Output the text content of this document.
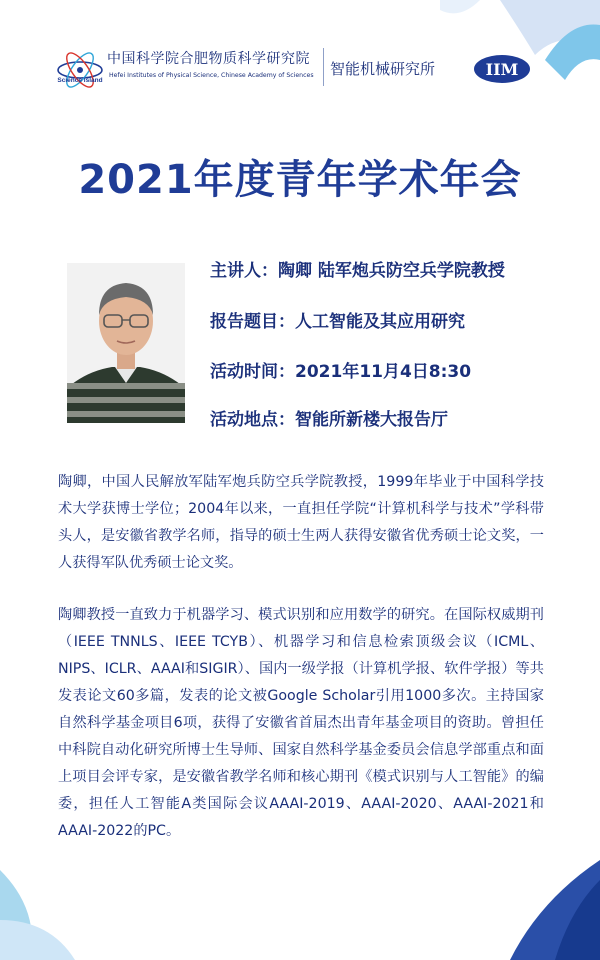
Science Island
中国科学院合肥物质科学研究院
Hefei Institutes of Physical Science, Chinese Academy of Sciences 智能机械研究所	IIM
2021年度青年学术年会
主讲人：陶卿 陆军炮兵防空兵学院教授
报告题目：人工智能及其应用研究
活动时间：2021年11月4日8:30
活动地点：智能所新楼大报告厅
陶卿，中国人民解放军陆军炮兵防空兵学院教授，1999年毕业于中国科学技术大学获博士学位；2004年以来，一直担任学院“计算机科学与技术”学科带头人，是安徽省教学名师，指导的硕士生两人获得安徽省优秀硕士论文奖，一人获得军队优秀硕士论文奖。
陶卿教授一直致力于机器学习、模式识别和应用数学的研究。在国际权威期刊（IEEE TNNLS、IEEE TCYB）、机器学习和信息检索顶级会议（ICML、NIPS、ICLR、AAAI和SIGIR）、国内一级学报（计算机学报、软件学报）等共发表论文60多篇，发表的论文被Google Scholar引用1000多次。主持国家自然科学基金项目6项，获得了安徽省首届杰出青年基金项目的资助。曾担任中科院自动化研究所博士生导师、国家自然科学基金委员会信息学部重点和面上项目会评专家，是安徽省教学名师和核心期刊《模式识别与人工智能》的编委，担任人工智能A类国际会议AAAI-2019、AAAI-2020、AAAI-2021和AAAI-2022的PC。
